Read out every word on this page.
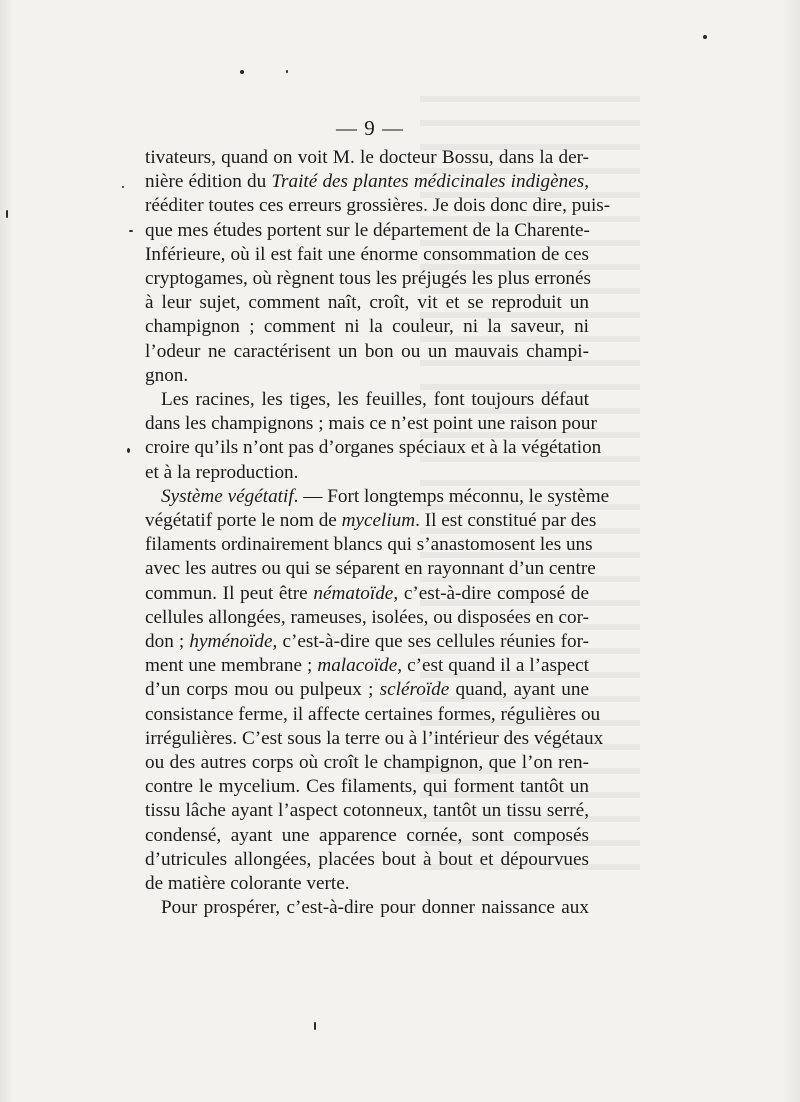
— 9 —
tivateurs, quand on voit M. le docteur Bossu, dans la der-
nière édition du Traité des plantes médicinales indigènes,
rééditer toutes ces erreurs grossières. Je dois donc dire, puis-
que mes études portent sur le département de la Charente-
Inférieure, où il est fait une énorme consommation de ces
cryptogames, où règnent tous les préjugés les plus erronés
à leur sujet, comment naît, croît, vit et se reproduit un
champignon ; comment ni la couleur, ni la saveur, ni
l’odeur ne caractérisent un bon ou un mauvais champi-
gnon.
Les racines, les tiges, les feuilles, font toujours défaut
dans les champignons ; mais ce n’est point une raison pour
croire qu’ils n’ont pas d’organes spéciaux et à la végétation
et à la reproduction.
Système végétatif. — Fort longtemps méconnu, le système
végétatif porte le nom de mycelium. Il est constitué par des
filaments ordinairement blancs qui s’anastomosent les uns
avec les autres ou qui se séparent en rayonnant d’un centre
commun. Il peut être nématoïde, c’est-à-dire composé de
cellules allongées, rameuses, isolées, ou disposées en cor-
don ; hyménoïde, c’est-à-dire que ses cellules réunies for-
ment une membrane ; malacoïde, c’est quand il a l’aspect
d’un corps mou ou pulpeux ; scléroïde quand, ayant une
consistance ferme, il affecte certaines formes, régulières ou
irrégulières. C’est sous la terre ou à l’intérieur des végétaux
ou des autres corps où croît le champignon, que l’on ren-
contre le mycelium. Ces filaments, qui forment tantôt un
tissu lâche ayant l’aspect cotonneux, tantôt un tissu serré,
condensé, ayant une apparence cornée, sont composés
d’utricules allongées, placées bout à bout et dépourvues
de matière colorante verte.
Pour prospérer, c’est-à-dire pour donner naissance aux
